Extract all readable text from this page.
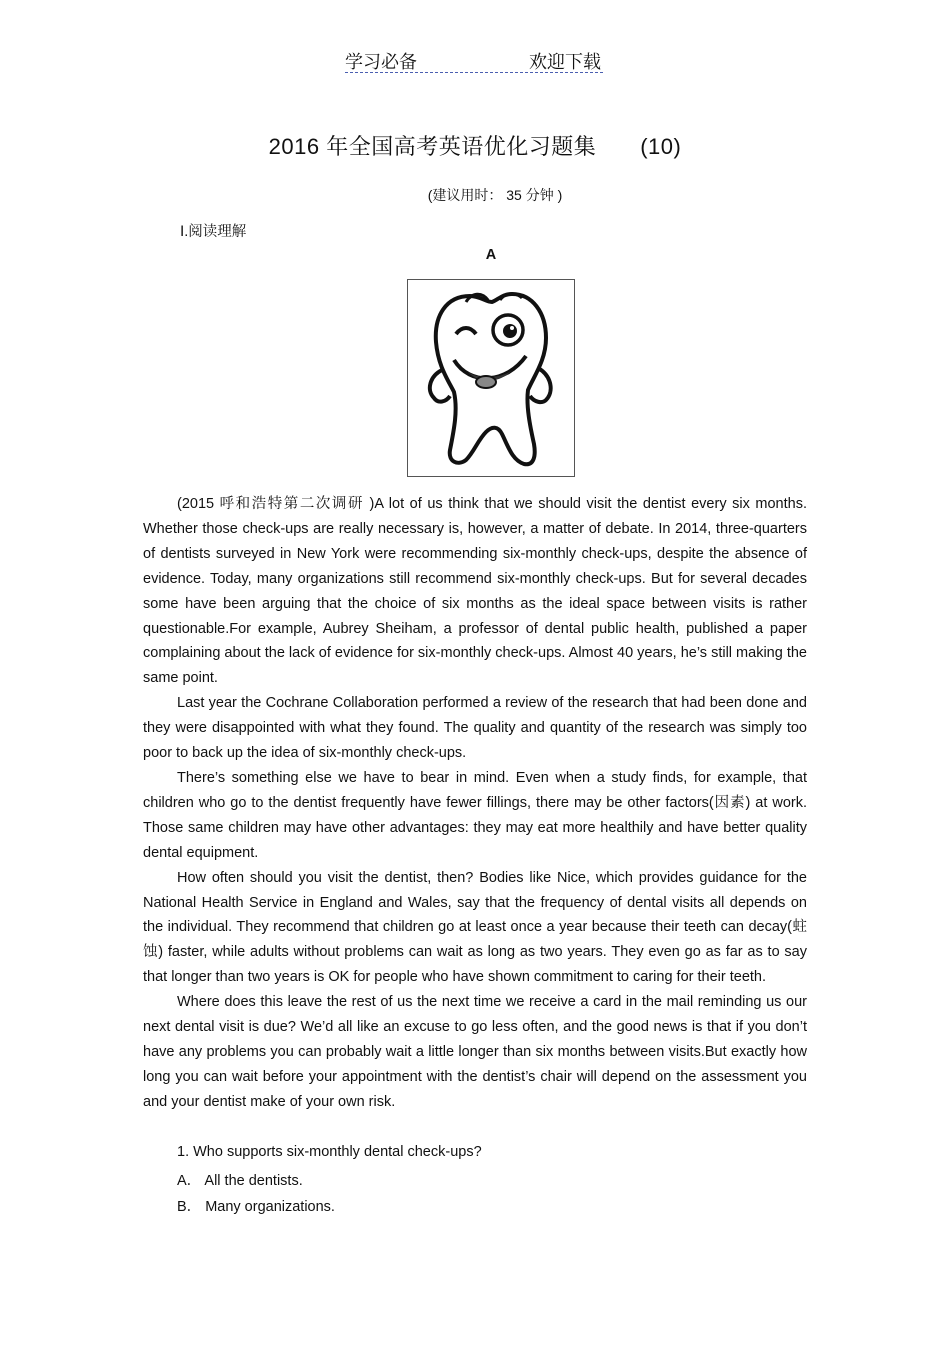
学习必备	欢迎下载
2016 年全国高考英语优化习题集 (10)
(建议用时： 35 分钟 )
Ⅰ.阅读理解
A

(2015 呼和浩特第二次调研 )A lot of us think that we should visit the dentist every six months. Whether those check-ups are really necessary is, however, a matter of debate. In 2014, three-quarters of dentists surveyed in New York were recommending six-monthly check-ups, despite the absence of evidence. Today, many organizations still recommend six-monthly check-ups. But for several decades some have been arguing that the choice of six months as the ideal space between visits is rather questionable.For example, Aubrey Sheiham, a professor of dental public health, published a paper complaining about the lack of evidence for six-monthly check-ups. Almost 40 years, he’s still making the same point.

Last year the Cochrane Collaboration performed a review of the research that had been done and they were disappointed with what they found. The quality and quantity of the research was simply too poor to back up the idea of six-monthly check-ups.

There’s something else we have to bear in mind. Even when a study finds, for example, that children who go to the dentist frequently have fewer fillings, there may be other factors(因素) at work. Those same children may have other advantages: they may eat more healthily and have better quality dental equipment.

How often should you visit the dentist, then? Bodies like Nice, which provides guidance for the National Health Service in England and Wales, say that the frequency of dental visits all depends on the individual. They recommend that children go at least once a year because their teeth can decay(蛀蚀) faster, while adults without problems can wait as long as two years. They even go as far as to say that longer than two years is OK for people who have shown commitment to caring for their teeth.

Where does this leave the rest of us the next time we receive a card in the mail reminding us our next dental visit is due? We’d all like an excuse to go less often, and the good news is that if you don’t have any problems you can probably wait a little longer than six months between visits.But exactly how long you can wait before your appointment with the dentist’s chair will depend on the assessment you and your dentist make of your own risk.

1. Who supports six-monthly dental check-ups?
A． All the dentists.
B． Many organizations.
